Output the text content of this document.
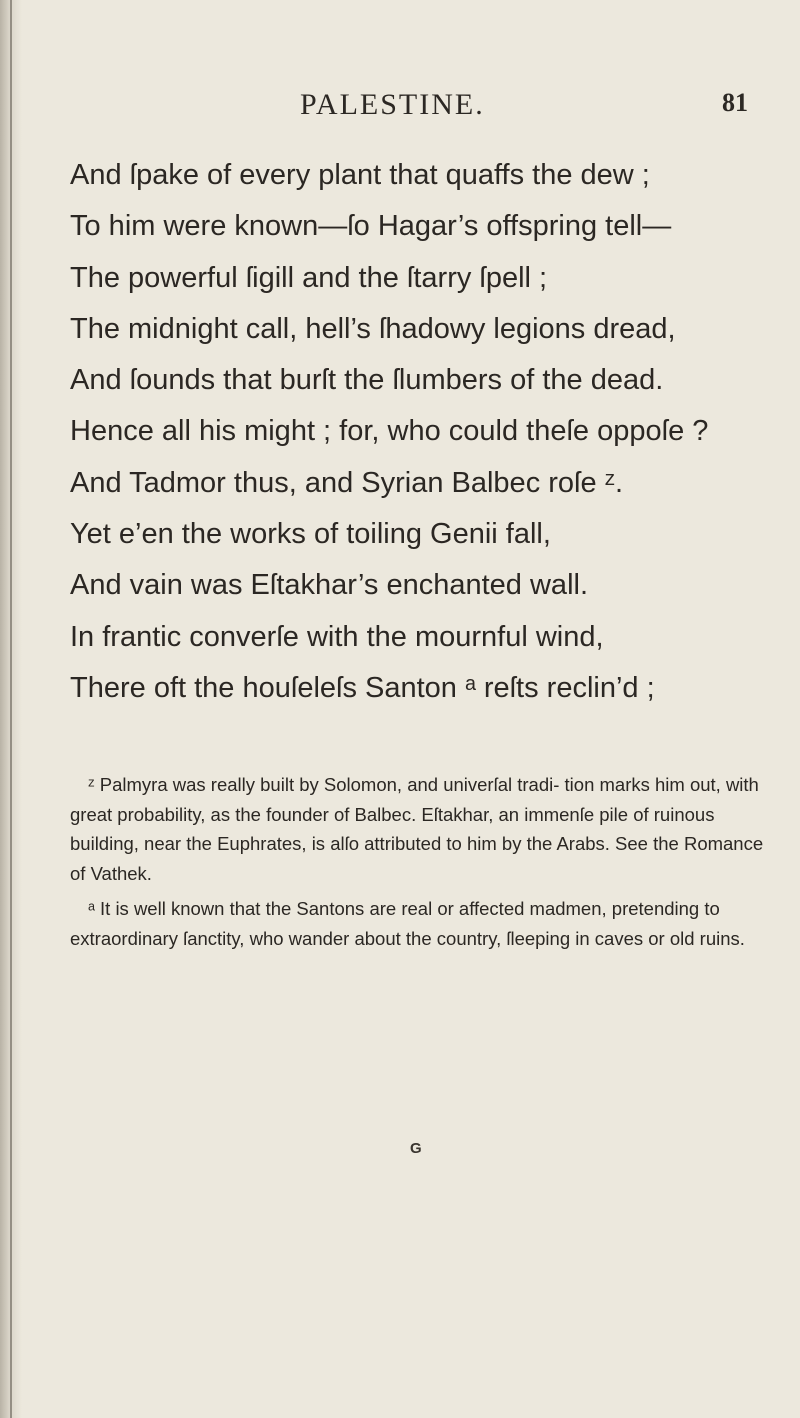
PALESTINE.	81
And ſpake of every plant that quaffs the dew ;
To him were known—ſo Hagar’s offspring tell—
The powerful ſigill and the ſtarry ſpell ;
The midnight call, hell’s ſhadowy legions dread,
And ſounds that burſt the ſlumbers of the dead.
Hence all his might ; for, who could theſe oppoſe ?
And Tadmor thus, and Syrian Balbec roſe ᶻ.
Yet e’en the works of toiling Genii fall,
And vain was Eſtakhar’s enchanted wall.
In frantic converſe with the mournful wind,
There oft the houſeleſs Santon ᵃ reſts reclin’d ;
ᶻ Palmyra was really built by Solomon, and univerſal tradi- tion marks him out, with great probability, as the founder of Balbec. Eſtakhar, an immenſe pile of ruinous building, near the Euphrates, is alſo attributed to him by the Arabs. See the Romance of Vathek.
ᵃ It is well known that the Santons are real or affected madmen, pretending to extraordinary ſanctity, who wander about the country, ſleeping in caves or old ruins.
G
